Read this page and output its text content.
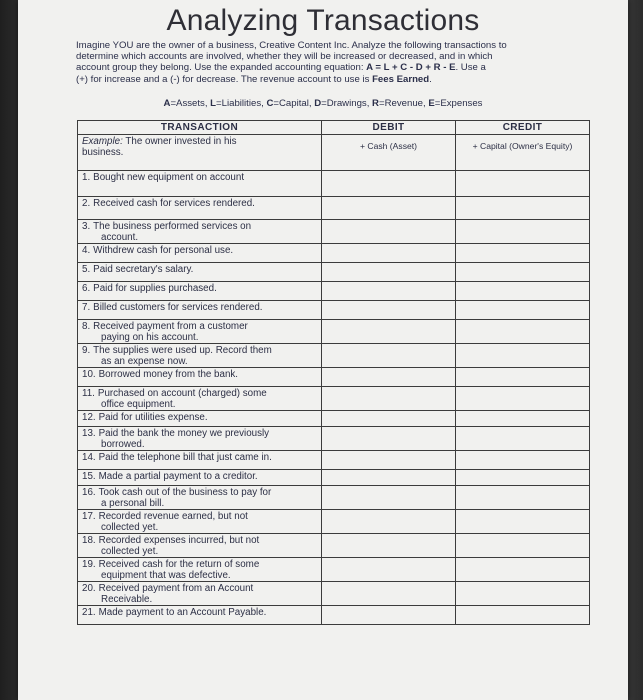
Analyzing Transactions
Imagine YOU are the owner of a business, Creative Content Inc. Analyze the following transactions to
determine which accounts are involved, whether they will be increased or decreased, and in which
account group they belong. Use the expanded accounting equation: A = L + C - D + R - E. Use a
(+) for increase and a (-) for decrease. The revenue account to use is Fees Earned.
A=Assets, L=Liabilities, C=Capital, D=Drawings, R=Revenue, E=Expenses
TRANSACTION	DEBIT	CREDIT
Example: The owner invested in his
business.	+ Cash (Asset)	+ Capital (Owner's Equity)

1. Bought new equipment on account		

2. Received cash for services rendered.		

3. The business performed services on
account.		

4. Withdrew cash for personal use.		

5. Paid secretary's salary.		

6. Paid for supplies purchased.		

7. Billed customers for services rendered.		

8. Received payment from a customer
paying on his account.		

9. The supplies were used up. Record them
as an expense now.		

10. Borrowed money from the bank.		

11. Purchased on account (charged) some
office equipment.		

12. Paid for utilities expense.		

13. Paid the bank the money we previously
borrowed.		

14. Paid the telephone bill that just came in.		

15. Made a partial payment to a creditor.		

16. Took cash out of the business to pay for
a personal bill.		

17. Recorded revenue earned, but not
collected yet.		

18. Recorded expenses incurred, but not
collected yet.		

19. Received cash for the return of some
equipment that was defective.		

20. Received payment from an Account
Receivable.		

21. Made payment to an Account Payable.		
